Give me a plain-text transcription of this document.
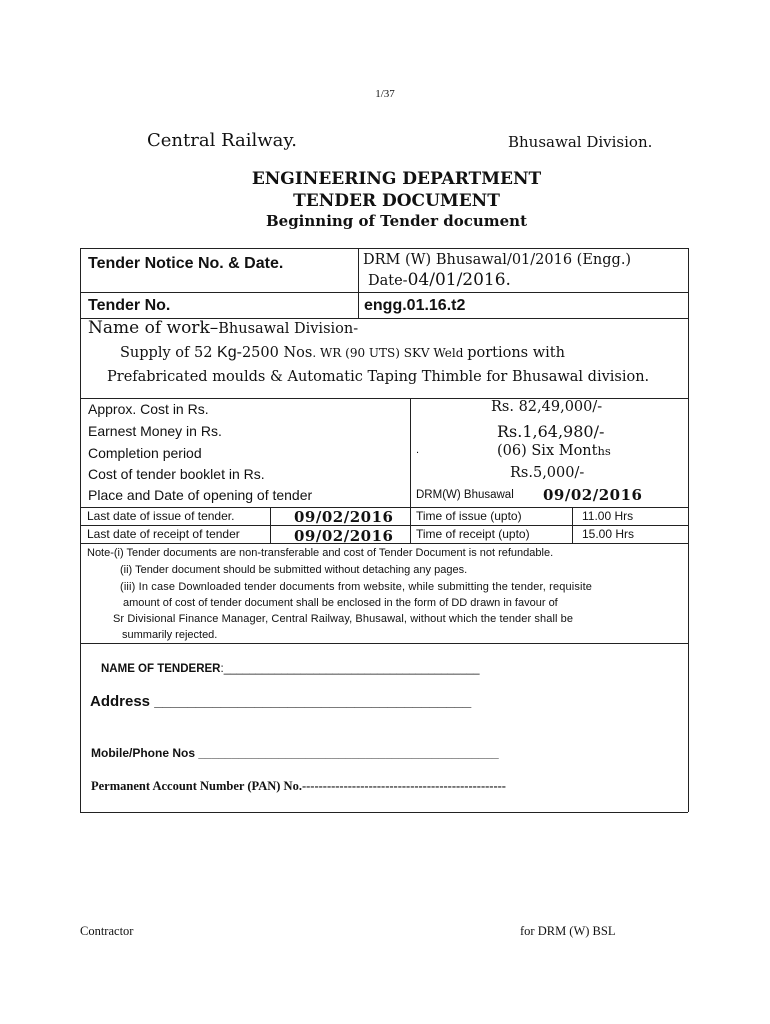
1/37
Central Railway.	Bhusawal Division.
ENGINEERING DEPARTMENT
TENDER DOCUMENT
Beginning of Tender document
Tender Notice No. & Date.	DRM (W) Bhusawal/01/2016 (Engg.)
Date-04/01/2016.
Tender No.	engg.01.16.t2
Name of work–Bhusawal Division-
Supply of 52 Kg-2500 Nos. WR (90 UTS) SKV Weld portions with
Prefabricated moulds & Automatic Taping Thimble for Bhusawal division.
Approx. Cost in Rs.	Rs. 82,49,000/-
Earnest Money in Rs.	Rs.1,64,980/-
Completion period	.	(06) Six Months
Cost of tender booklet in Rs.	Rs.5,000/-
Place and Date of opening of tender	DRM(W) Bhusawal 09/02/2016
Last date of issue of tender.	09/02/2016 Time of issue (upto)	11.00 Hrs
Last date of receipt of tender	09/02/2016 Time of receipt (upto)	15.00 Hrs
Note-(i) Tender documents are non-transferable and cost of Tender Document is not refundable.
(ii) Tender document should be submitted without detaching any pages.
(iii) In case Downloaded tender documents from website, while submitting the tender, requisite
amount of cost of tender document shall be enclosed in the form of DD drawn in favour of
Sr Divisional Finance Manager, Central Railway, Bhusawal, without which the tender shall be
summarily rejected.
NAME OF TENDERER:________________________________________
Address ______________________________________
Mobile/Phone Nos _____________________________________________
Permanent Account Number (PAN) No.-------------------------------------------------
Contractor	for DRM (W) BSL
